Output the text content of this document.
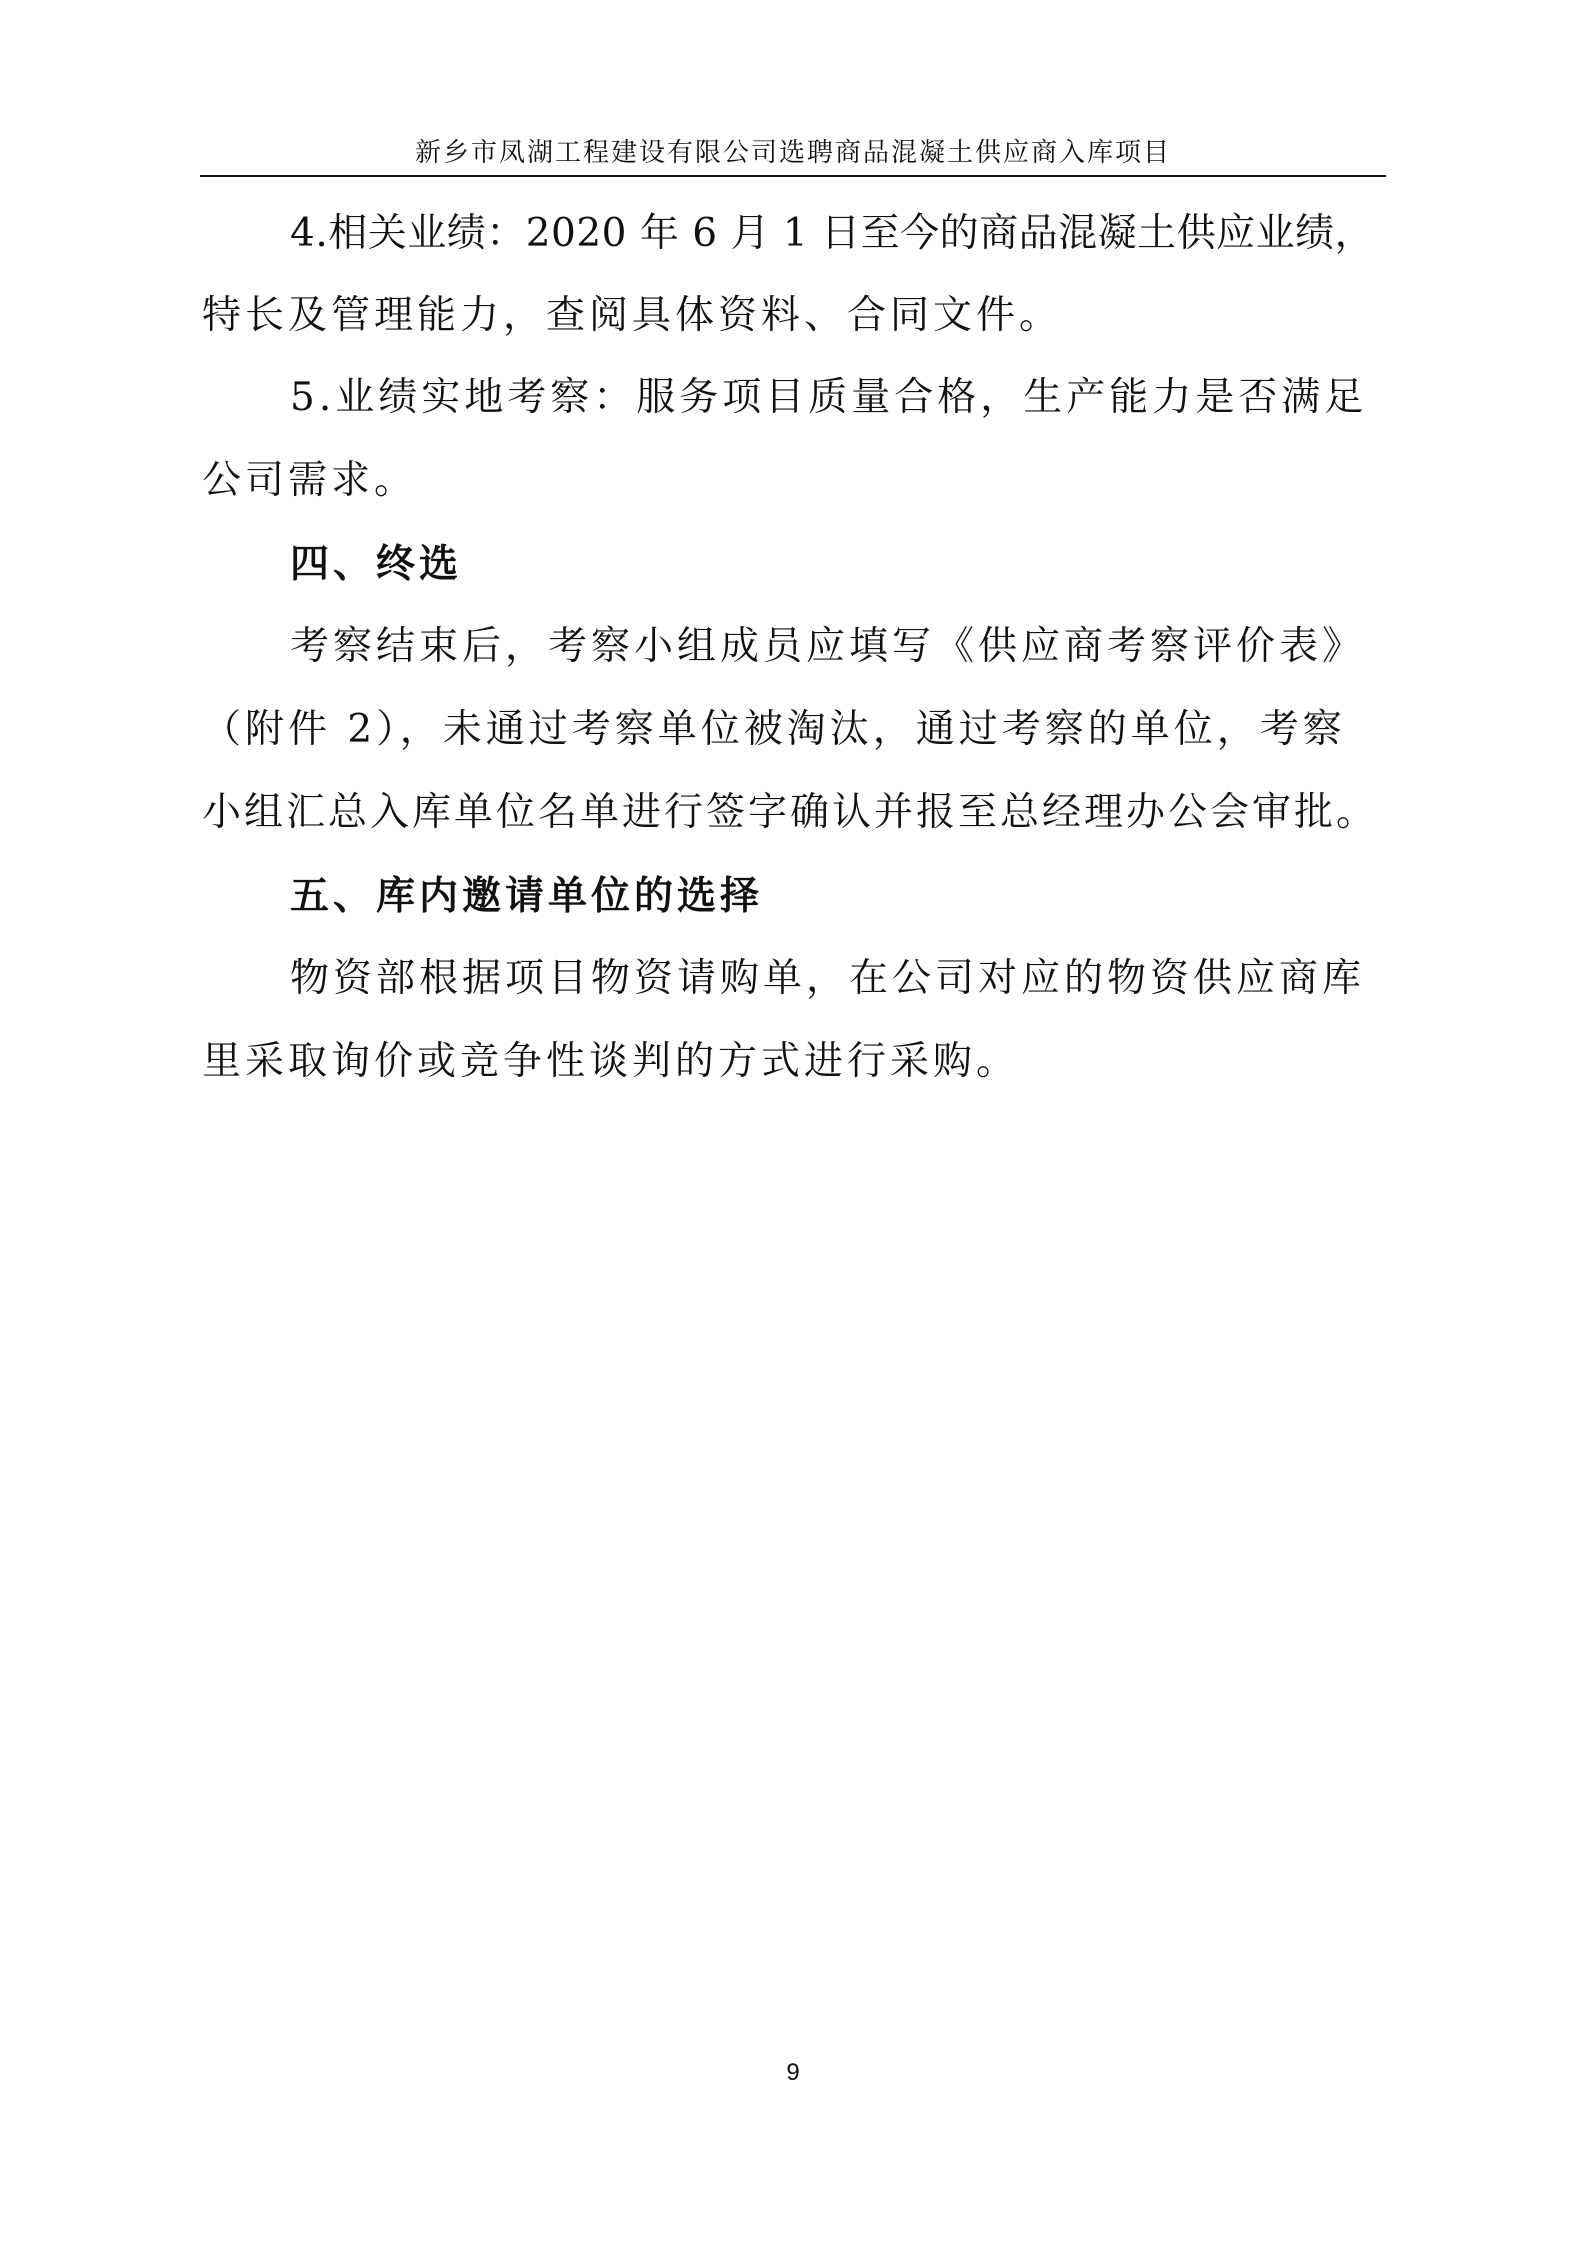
新乡市凤湖工程建设有限公司选聘商品混凝土供应商入库项目
4.相关业绩：2020 年 6 月 1 日至今的商品混凝土供应业绩，
特长及管理能力，查阅具体资料、合同文件。
5.业绩实地考察：服务项目质量合格，生产能力是否满足
公司需求。
四、终选
考察结束后，考察小组成员应填写《供应商考察评价表》
（附件 2），未通过考察单位被淘汰，通过考察的单位，考察
小组汇总入库单位名单进行签字确认并报至总经理办公会审批。
五、库内邀请单位的选择
物资部根据项目物资请购单，在公司对应的物资供应商库
里采取询价或竞争性谈判的方式进行采购。
9
